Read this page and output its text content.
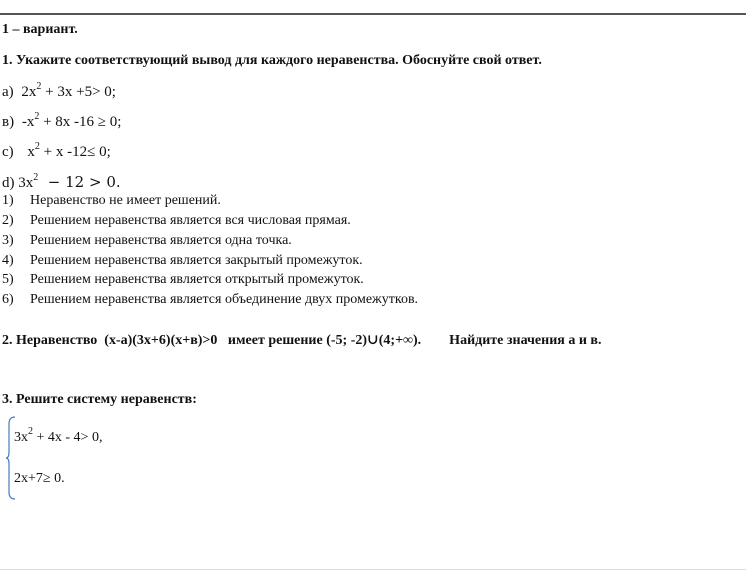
1 – вариант.
1. Укажите соответствующий вывод для каждого неравенства. Обоснуйте свой ответ.
а) $2x^2 + 3x +5> 0$;
в) $-x^2 + 8x$ -16 ≥ 0;
c) $x^2 + x$ -12≤ 0;
d) $3x^2 - 12 > 0$.
1) Неравенство не имеет решений.
2) Решением неравенства является вся числовая прямая.
3) Решением неравенства является одна точка.
4) Решением неравенства является закрытый промежуток.
5) Решением неравенства является открытый промежуток.
6) Решением неравенства является объединение двух промежутков.
2. Неравенство  (x-a)(3x+6)(x+в)>0   имеет решение (-5; -2)∪(4;+∞).        Найдите значения а и в.
3. Решите систему неравенств:
$3x^2 + 4x - 4> 0$,
2x+7≥ 0.
